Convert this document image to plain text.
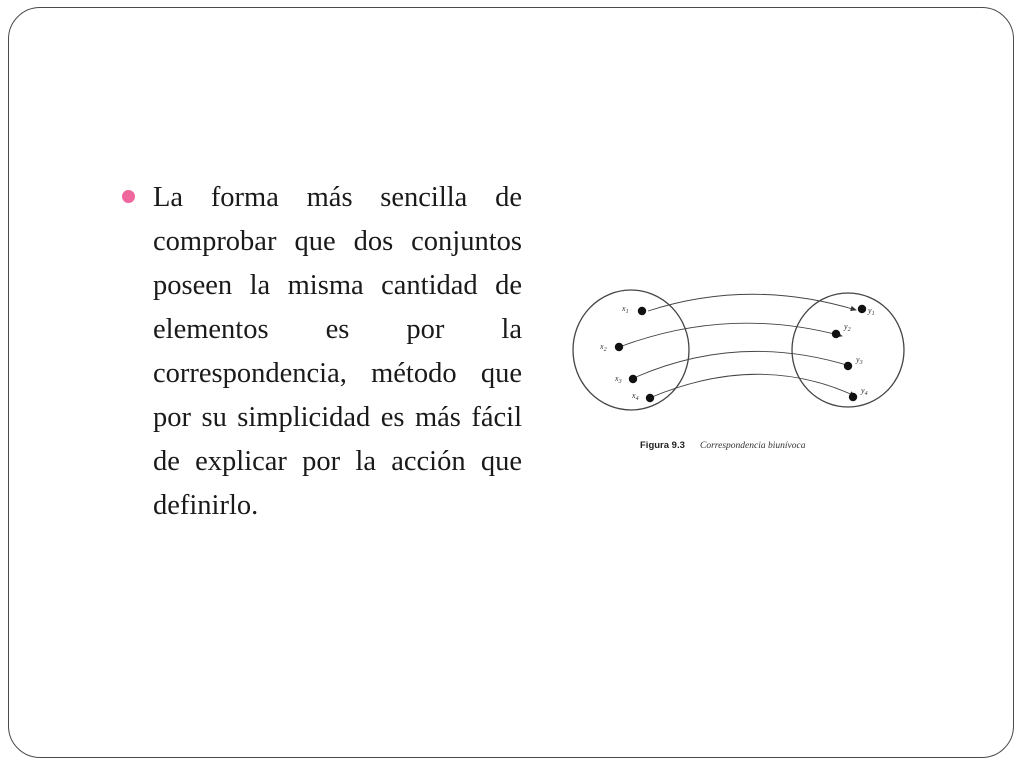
La forma más sencilla de comprobar que dos conjuntos poseen la misma cantidad de elementos es por la correspondencia, método que por su simplicidad es más fácil de explicar por la acción que definirlo.

$x_1$
$x_2$
$x_3$
$x_4$
$y_1$
$y_2$
$y_3$
$y_4$
Figura 9.3 Correspondencia biunívoca
